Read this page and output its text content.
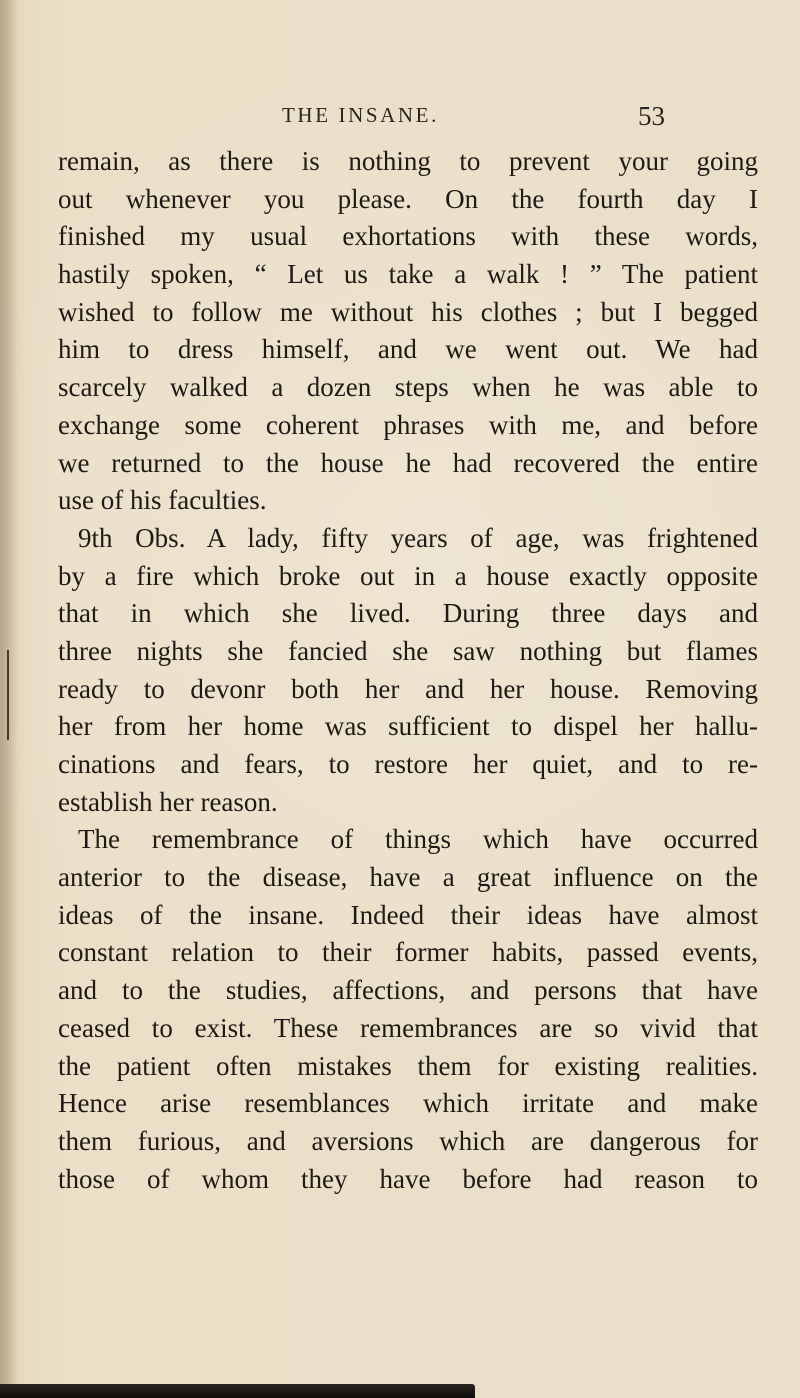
THE INSANE.	53
remain, as there is nothing to prevent your going
out whenever you please. On the fourth day I
finished my usual exhortations with these words,
hastily spoken, “ Let us take a walk ! ” The patient
wished to follow me without his clothes ; but I begged
him to dress himself, and we went out. We had
scarcely walked a dozen steps when he was able to
exchange some coherent phrases with me, and before
we returned to the house he had recovered the entire
use of his faculties.
9th Obs. A lady, fifty years of age, was frightened
by a fire which broke out in a house exactly opposite
that in which she lived. During three days and
three nights she fancied she saw nothing but flames
ready to devonr both her and her house. Removing
her from her home was sufficient to dispel her hallu-
cinations and fears, to restore her quiet, and to re-
establish her reason.
The remembrance of things which have occurred
anterior to the disease, have a great influence on the
ideas of the insane. Indeed their ideas have almost
constant relation to their former habits, passed events,
and to the studies, affections, and persons that have
ceased to exist. These remembrances are so vivid that
the patient often mistakes them for existing realities.
Hence arise resemblances which irritate and make
them furious, and aversions which are dangerous for
those of whom they have before had reason to
